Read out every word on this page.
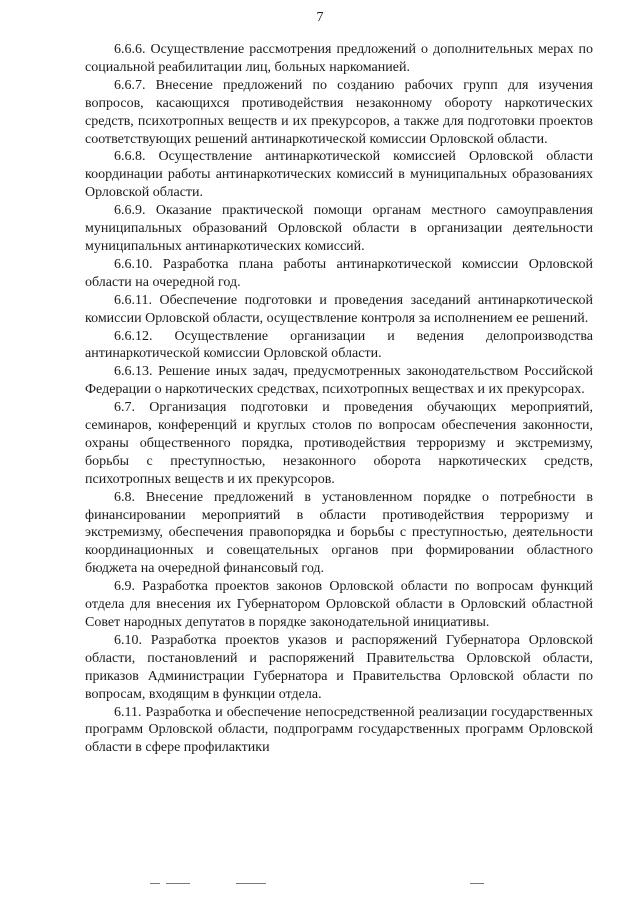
7

6.6.6. Осуществление рассмотрения предложений о дополнительных мерах по социальной реабилитации лиц, больных наркоманией.

6.6.7. Внесение предложений по созданию рабочих групп для изучения вопросов, касающихся противодействия незаконному обороту наркотических средств, психотропных веществ и их прекурсоров, а также для подготовки проектов соответствующих решений антинаркотической комиссии Орловской области.

6.6.8. Осуществление антинаркотической комиссией Орловской области координации работы антинаркотических комиссий в муниципальных образованиях Орловской области.

6.6.9. Оказание практической помощи органам местного самоуправления муниципальных образований Орловской области в организации деятельности муниципальных антинаркотических комиссий.

6.6.10. Разработка плана работы антинаркотической комиссии Орловской области на очередной год.

6.6.11. Обеспечение подготовки и проведения заседаний антинаркотической комиссии Орловской области, осуществление контроля за исполнением ее решений.

6.6.12. Осуществление организации и ведения делопроизводства антинаркотической комиссии Орловской области.

6.6.13. Решение иных задач, предусмотренных законодательством Российской Федерации о наркотических средствах, психотропных веществах и их прекурсорах.

6.7. Организация подготовки и проведения обучающих мероприятий, семинаров, конференций и круглых столов по вопросам обеспечения законности, охраны общественного порядка, противодействия терроризму и экстремизму, борьбы с преступностью, незаконного оборота наркотических средств, психотропных веществ и их прекурсоров.

6.8. Внесение предложений в установленном порядке о потребности в финансировании мероприятий в области противодействия терроризму и экстремизму, обеспечения правопорядка и борьбы с преступностью, деятельности координационных и совещательных органов при формировании областного бюджета на очередной финансовый год.

6.9. Разработка проектов законов Орловской области по вопросам функций отдела для внесения их Губернатором Орловской области в Орловский областной Совет народных депутатов в порядке законодательной инициативы.

6.10. Разработка проектов указов и распоряжений Губернатора Орловской области, постановлений и распоряжений Правительства Орловской области, приказов Администрации Губернатора и Правительства Орловской области по вопросам, входящим в функции отдела.

6.11. Разработка и обеспечение непосредственной реализации государственных программ Орловской области, подпрограмм государственных программ Орловской области в сфере профилактики
